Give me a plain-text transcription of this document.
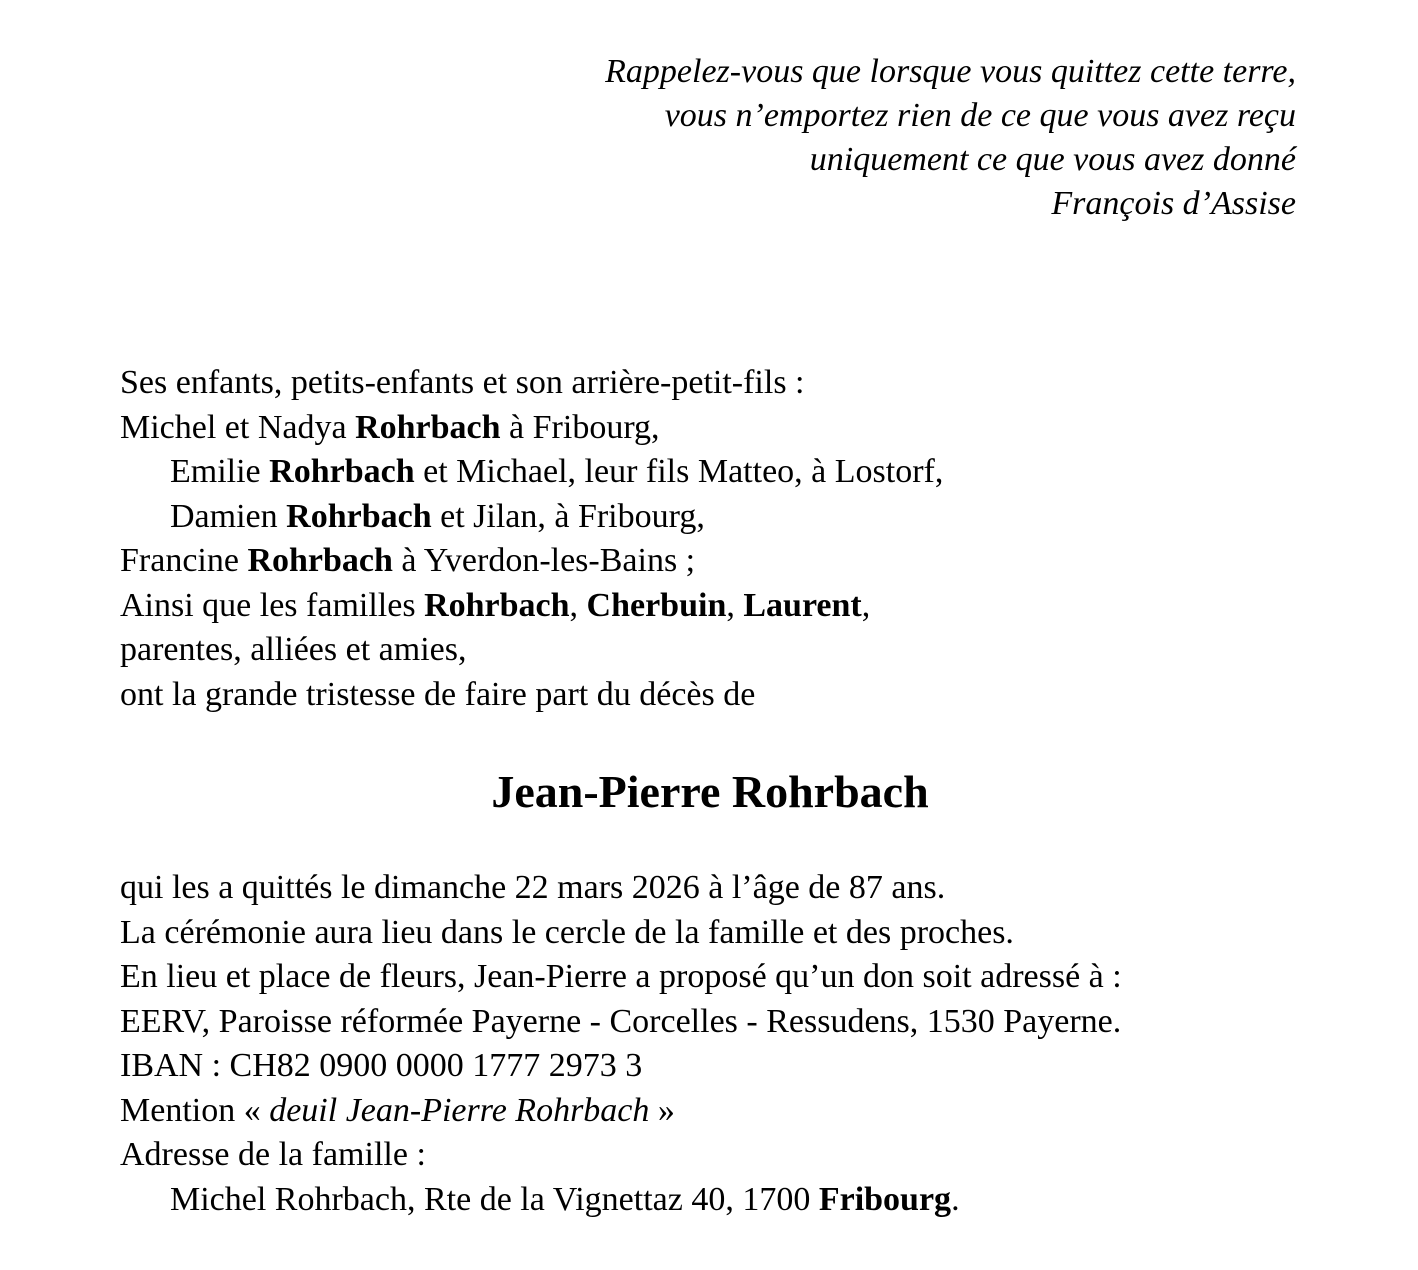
Rappelez-vous que lorsque vous quittez cette terre,
vous n’emportez rien de ce que vous avez reçu
uniquement ce que vous avez donné
François d’Assise
Ses enfants, petits-enfants et son arrière-petit-fils :
Michel et Nadya Rohrbach à Fribourg,
Emilie Rohrbach et Michael, leur fils Matteo, à Lostorf,
Damien Rohrbach et Jilan, à Fribourg,
Francine Rohrbach à Yverdon-les-Bains ;
Ainsi que les familles Rohrbach, Cherbuin, Laurent,
parentes, alliées et amies,
ont la grande tristesse de faire part du décès de
Jean-Pierre Rohrbach
qui les a quittés le dimanche 22 mars 2026 à l’âge de 87 ans.
La cérémonie aura lieu dans le cercle de la famille et des proches.
En lieu et place de fleurs, Jean-Pierre a proposé qu’un don soit adressé à :
EERV, Paroisse réformée Payerne - Corcelles - Ressudens, 1530 Payerne.
IBAN : CH82 0900 0000 1777 2973 3
Mention « deuil Jean-Pierre Rohrbach »
Adresse de la famille :
Michel Rohrbach, Rte de la Vignettaz 40, 1700 Fribourg.
